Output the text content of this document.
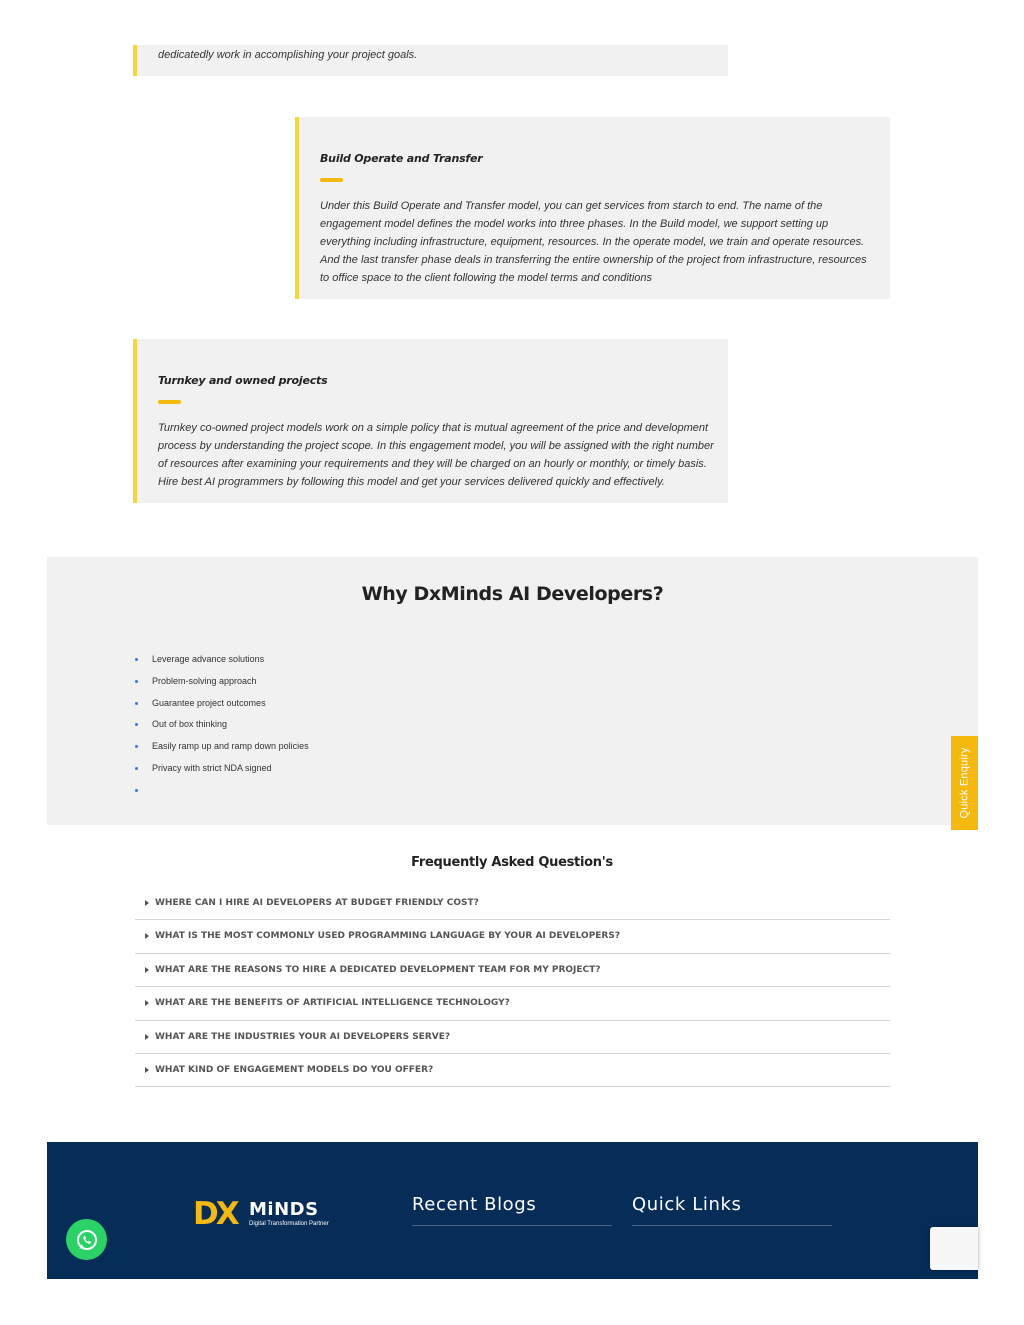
dedicatedly work in accomplishing your project goals.
Build Operate and Transfer
Under this Build Operate and Transfer model, you can get services from starch to end. The name of the engagement model defines the model works into three phases. In the Build model, we support setting up everything including infrastructure, equipment, resources. In the operate model, we train and operate resources. And the last transfer phase deals in transferring the entire ownership of the project from infrastructure, resources to office space to the client following the model terms and conditions
Turnkey and owned projects
Turnkey co-owned project models work on a simple policy that is mutual agreement of the price and development process by understanding the project scope. In this engagement model, you will be assigned with the right number of resources after examining your requirements and they will be charged on an hourly or monthly, or timely basis. Hire best AI programmers by following this model and get your services delivered quickly and effectively.
Why DxMinds AI Developers?
Leverage advance solutions
Problem-solving approach
Guarantee project outcomes
Out of box thinking
Easily ramp up and ramp down policies
Privacy with strict NDA signed	Quick Enquiry
Frequently Asked Question's
WHERE CAN I HIRE AI DEVELOPERS AT BUDGET FRIENDLY COST?
WHAT IS THE MOST COMMONLY USED PROGRAMMING LANGUAGE BY YOUR AI DEVELOPERS?
WHAT ARE THE REASONS TO HIRE A DEDICATED DEVELOPMENT TEAM FOR MY PROJECT?
WHAT ARE THE BENEFITS OF ARTIFICIAL INTELLIGENCE TECHNOLOGY?
WHAT ARE THE INDUSTRIES YOUR AI DEVELOPERS SERVE?
WHAT KIND OF ENGAGEMENT MODELS DO YOU OFFER?
DX MiNDS
Digital Transformation Partner
Recent Blogs	Quick Links
